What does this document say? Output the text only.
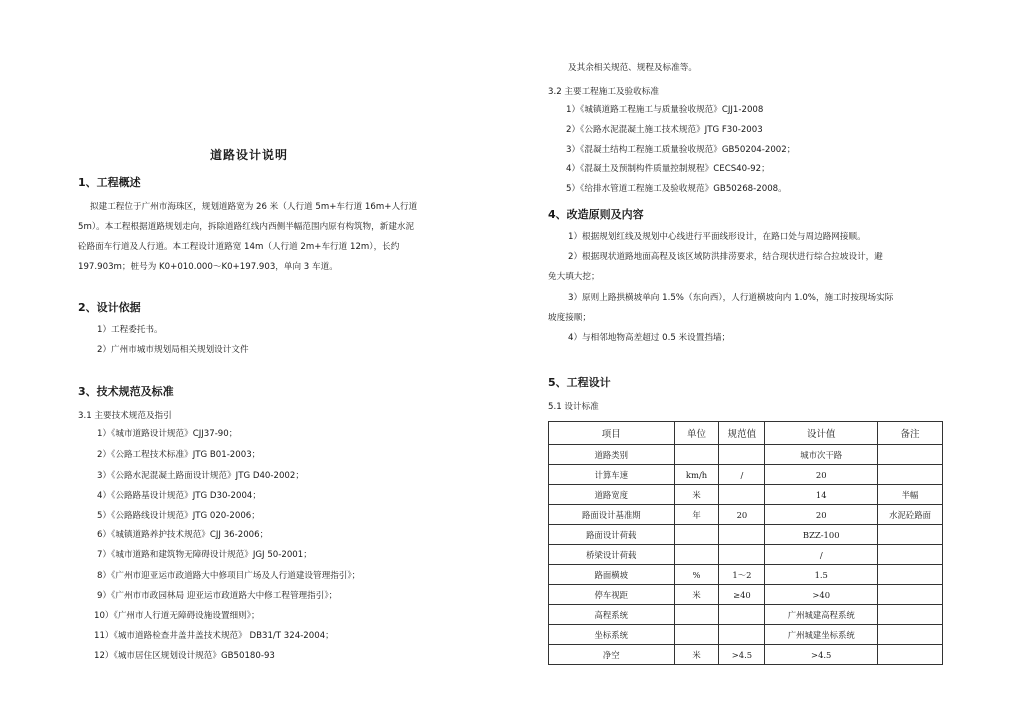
道路设计说明
1、工程概述
拟建工程位于广州市海珠区，规划道路宽为 26 米（人行道 5m+车行道 16m+人行道
5m）。本工程根据道路规划走向，拆除道路红线内西侧半幅范围内原有构筑物，新建水泥
砼路面车行道及人行道。本工程设计道路宽 14m（人行道 2m+车行道 12m），长约
197.903m；桩号为 K0+010.000～K0+197.903，单向 3 车道。
2、设计依据
1）工程委托书。
2）广州市城市规划局相关规划设计文件
3、技术规范及标准
3.1 主要技术规范及指引
1）《城市道路设计规范》CJJ37-90；
2）《公路工程技术标准》JTG B01-2003；
3）《公路水泥混凝土路面设计规范》JTG D40-2002；
4）《公路路基设计规范》JTG D30-2004；
5）《公路路线设计规范》JTG 020-2006；
6）《城镇道路养护技术规范》CJJ 36-2006；
7）《城市道路和建筑物无障碍设计规范》JGJ 50-2001；
8）《广州市迎亚运市政道路大中修项目广场及人行道建设管理指引》；
9）《广州市市政园林局 迎亚运市政道路大中修工程管理指引》；
10）《广州市人行道无障碍设施设置细则》；
11）《城市道路检查井盖井盖技术规范》 DB31/T 324-2004；
12）《城市居住区规划设计规范》GB50180-93
及其余相关规范、规程及标准等。
3.2 主要工程施工及验收标准
1）《城镇道路工程施工与质量验收规范》CJJ1-2008
2）《公路水泥混凝土施工技术规范》JTG F30-2003
3）《混凝土结构工程施工质量验收规范》GB50204-2002；
4）《混凝土及预制构件质量控制规程》CECS40-92；
5）《给排水管道工程施工及验收规范》GB50268-2008。
4、改造原则及内容
1）根据规划红线及规划中心线进行平面线形设计，在路口处与周边路网接顺。
2）根据现状道路地面高程及该区域防洪排涝要求，结合现状进行综合拉坡设计，避
免大填大挖；
3）原则上路拱横坡单向 1.5%（东向西），人行道横坡向内 1.0%，施工时按现场实际
坡度接顺；
4）与相邻地物高差超过 0.5 米设置挡墙；
5、工程设计
5.1 设计标准
项目	单位	规范值	设计值	备注
道路类别			城市次干路	
计算车速	km/h	/	20	
道路宽度	米		14	半幅
路面设计基准期	年	20	20	水泥砼路面
路面设计荷载			BZZ-100	
桥梁设计荷载			/	
路面横坡	%	1～2	1.5	
停车视距	米	≥40	>40	
高程系统			广州城建高程系统	
坐标系统			广州城建坐标系统	
净空	米	>4.5	>4.5	
